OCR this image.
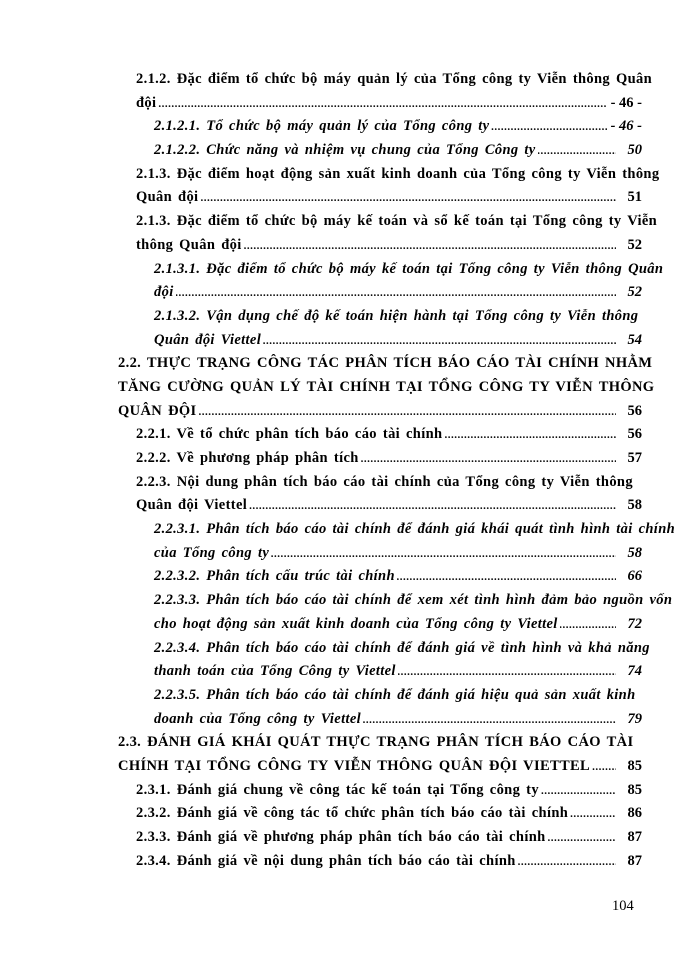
2.1.2. Đặc điểm tổ chức bộ máy quản lý của Tổng công ty Viễn thông Quân
đội .....	- 46 -
2.1.2.1. Tổ chức bộ máy quản lý của Tổng công ty .....	- 46 -
2.1.2.2. Chức năng và nhiệm vụ chung của Tổng Công ty .....	50
2.1.3. Đặc điểm hoạt động sản xuất kinh doanh của Tổng công ty Viễn thông
Quân đội .....	51
2.1.3. Đặc điểm tổ chức bộ máy kế toán và sổ kế toán tại Tổng công ty Viễn
thông Quân đội .....	52
2.1.3.1. Đặc điểm tổ chức bộ máy kế toán tại Tổng công ty Viễn thông Quân
đội .....	52
2.1.3.2. Vận dụng chế độ kế toán hiện hành tại Tổng công ty Viễn thông
Quân đội Viettel .....	54
2.2. THỰC TRẠNG CÔNG TÁC PHÂN TÍCH BÁO CÁO TÀI CHÍNH NHẰM
TĂNG CƯỜNG QUẢN LÝ TÀI CHÍNH TẠI TỔNG CÔNG TY VIỄN THÔNG
QUÂN ĐỘI .....	56
2.2.1. Về tổ chức phân tích báo cáo tài chính .....	56
2.2.2. Về phương pháp phân tích .....	57
2.2.3. Nội dung phân tích báo cáo tài chính của Tổng công ty Viễn thông
Quân đội Viettel .....	58
2.2.3.1. Phân tích báo cáo tài chính để đánh giá khái quát tình hình tài chính
của Tổng công ty .....	58
2.2.3.2. Phân tích cấu trúc tài chính .....	66
2.2.3.3. Phân tích báo cáo tài chính để xem xét tình hình đảm bảo nguồn vốn
cho hoạt động sản xuất kinh doanh của Tổng công ty Viettel .....	72
2.2.3.4. Phân tích báo cáo tài chính để đánh giá về tình hình và khả năng
thanh toán của Tổng Công ty Viettel .....	74
2.2.3.5. Phân tích báo cáo tài chính để đánh giá hiệu quả sản xuất kinh
doanh của Tổng công ty Viettel .....	79
2.3. ĐÁNH GIÁ KHÁI QUÁT THỰC TRẠNG PHÂN TÍCH BÁO CÁO TÀI
CHÍNH TẠI TỔNG CÔNG TY VIỄN THÔNG QUÂN ĐỘI VIETTEL .....	85
2.3.1. Đánh giá chung về công tác kế toán tại Tổng công ty .....	85
2.3.2. Đánh giá về công tác tổ chức phân tích báo cáo tài chính .....	86
2.3.3. Đánh giá về phương pháp phân tích báo cáo tài chính .....	87
2.3.4. Đánh giá về nội dung phân tích báo cáo tài chính .....	87
104
